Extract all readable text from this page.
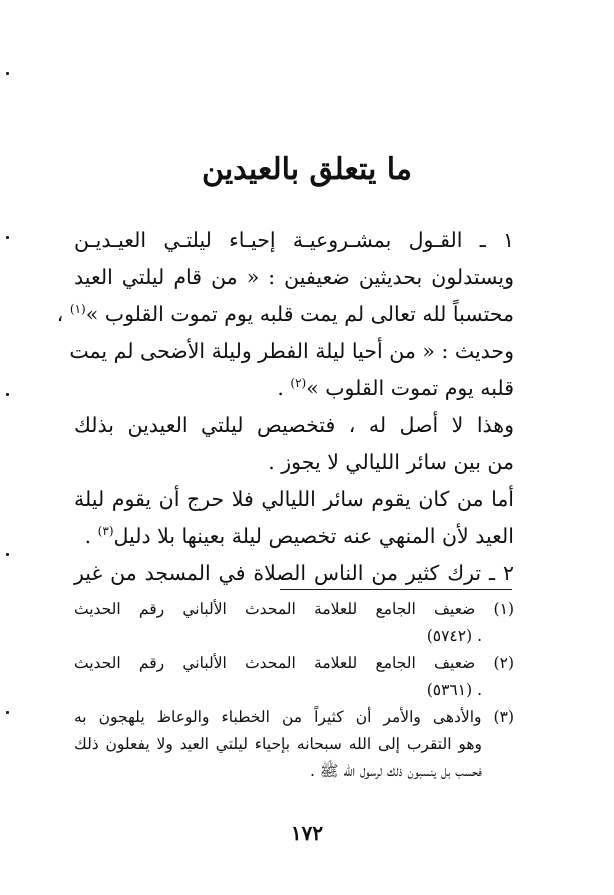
ما يتعلق بالعيدين

١ ـ القـول بمشـروعيـة إحيـاء ليلتـي العيـديـن

ويستدلون بحديثين ضعيفين : « من قام ليلتي العيد

محتسباً لله تعالى لم يمت قلبه يوم تموت القلوب »$^{(١)}$ ،

وحديث : « من أحيا ليلة الفطر وليلة الأضحى لم يمت

قلبه يوم تموت القلوب »$^{(٢)}$ .

وهذا لا أصل له ، فتخصيص ليلتي العيدين بذلك

من بين سائر الليالي لا يجوز .

أما من كان يقوم سائر الليالي فلا حرج أن يقوم ليلة

العيد لأن المنهي عنه تخصيص ليلة بعينها بلا دليل$^{(٣)}$ .

٢ ـ ترك كثير من الناس الصلاة في المسجد من غير

(١) ضعيف الجامع للعلامة المحدث الألباني رقم الحديث

. (٥٧٤٢)

(٢) ضعيف الجامع للعلامة المحدث الألباني رقم الحديث

. (٥٣٦١)

(٣) والأدهى والأمر أن كثيراً من الخطباء والوعاظ يلهجون به

وهو التقرب إلى الله سبحانه بإحياء ليلتي العيد ولا يفعلون ذلك

فحسب بل ينسبون ذلك لرسول الله ﷺ .

١٧٢
